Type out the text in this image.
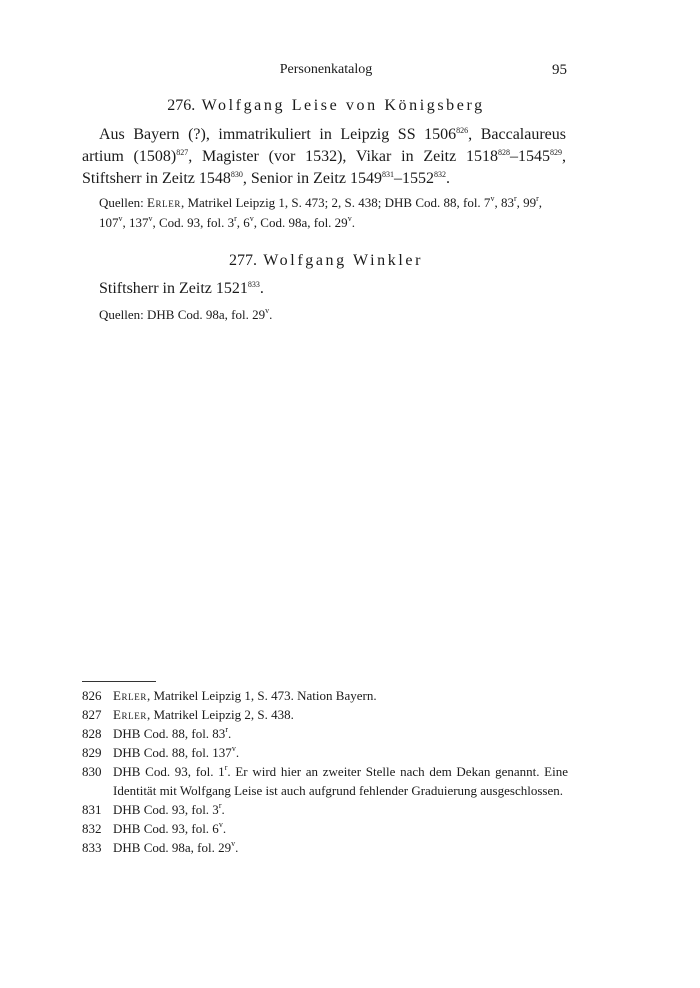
Personenkatalog	95
276. Wolfgang Leise von Königsberg

Aus Bayern (?), immatrikuliert in Leipzig SS 1506$^{826}$, Baccalaureus artium $(1508)^{827}$, Magister (vor 1532), Vikar in Zeitz 1518$^{828}$–1545$^{829}$, Stiftsherr in Zeitz 1548$^{830}$, Senior in Zeitz 1549$^{831}$–1552$^{832}$.

Quellen: Erler, Matrikel Leipzig 1, S. 473; 2, S. 438; DHB Cod. 88, fol. 7$^v$, 83$^r$, 99$^r$, 107$^v$, 137$^v$, Cod. 93, fol. 3$^r$, 6$^v$, Cod. 98a, fol. 29$^v$.

277. Wolfgang Winkler

Stiftsherr in Zeitz 1521$^{833}$.

Quellen: DHB Cod. 98a, fol. 29$^v$.

826 Erler, Matrikel Leipzig 1, S. 473. Nation Bayern.
827 Erler, Matrikel Leipzig 2, S. 438.
828 DHB Cod. 88, fol. 83$^r$.
829 DHB Cod. 88, fol. 137$^v$.
830 DHB Cod. 93, fol. 1$^r$. Er wird hier an zweiter Stelle nach dem Dekan genannt. Eine Identität mit Wolfgang Leise ist auch aufgrund fehlender Graduierung ausgeschlossen.
831 DHB Cod. 93, fol. 3$^r$.
832 DHB Cod. 93, fol. 6$^v$.
833 DHB Cod. 98a, fol. 29$^v$.
